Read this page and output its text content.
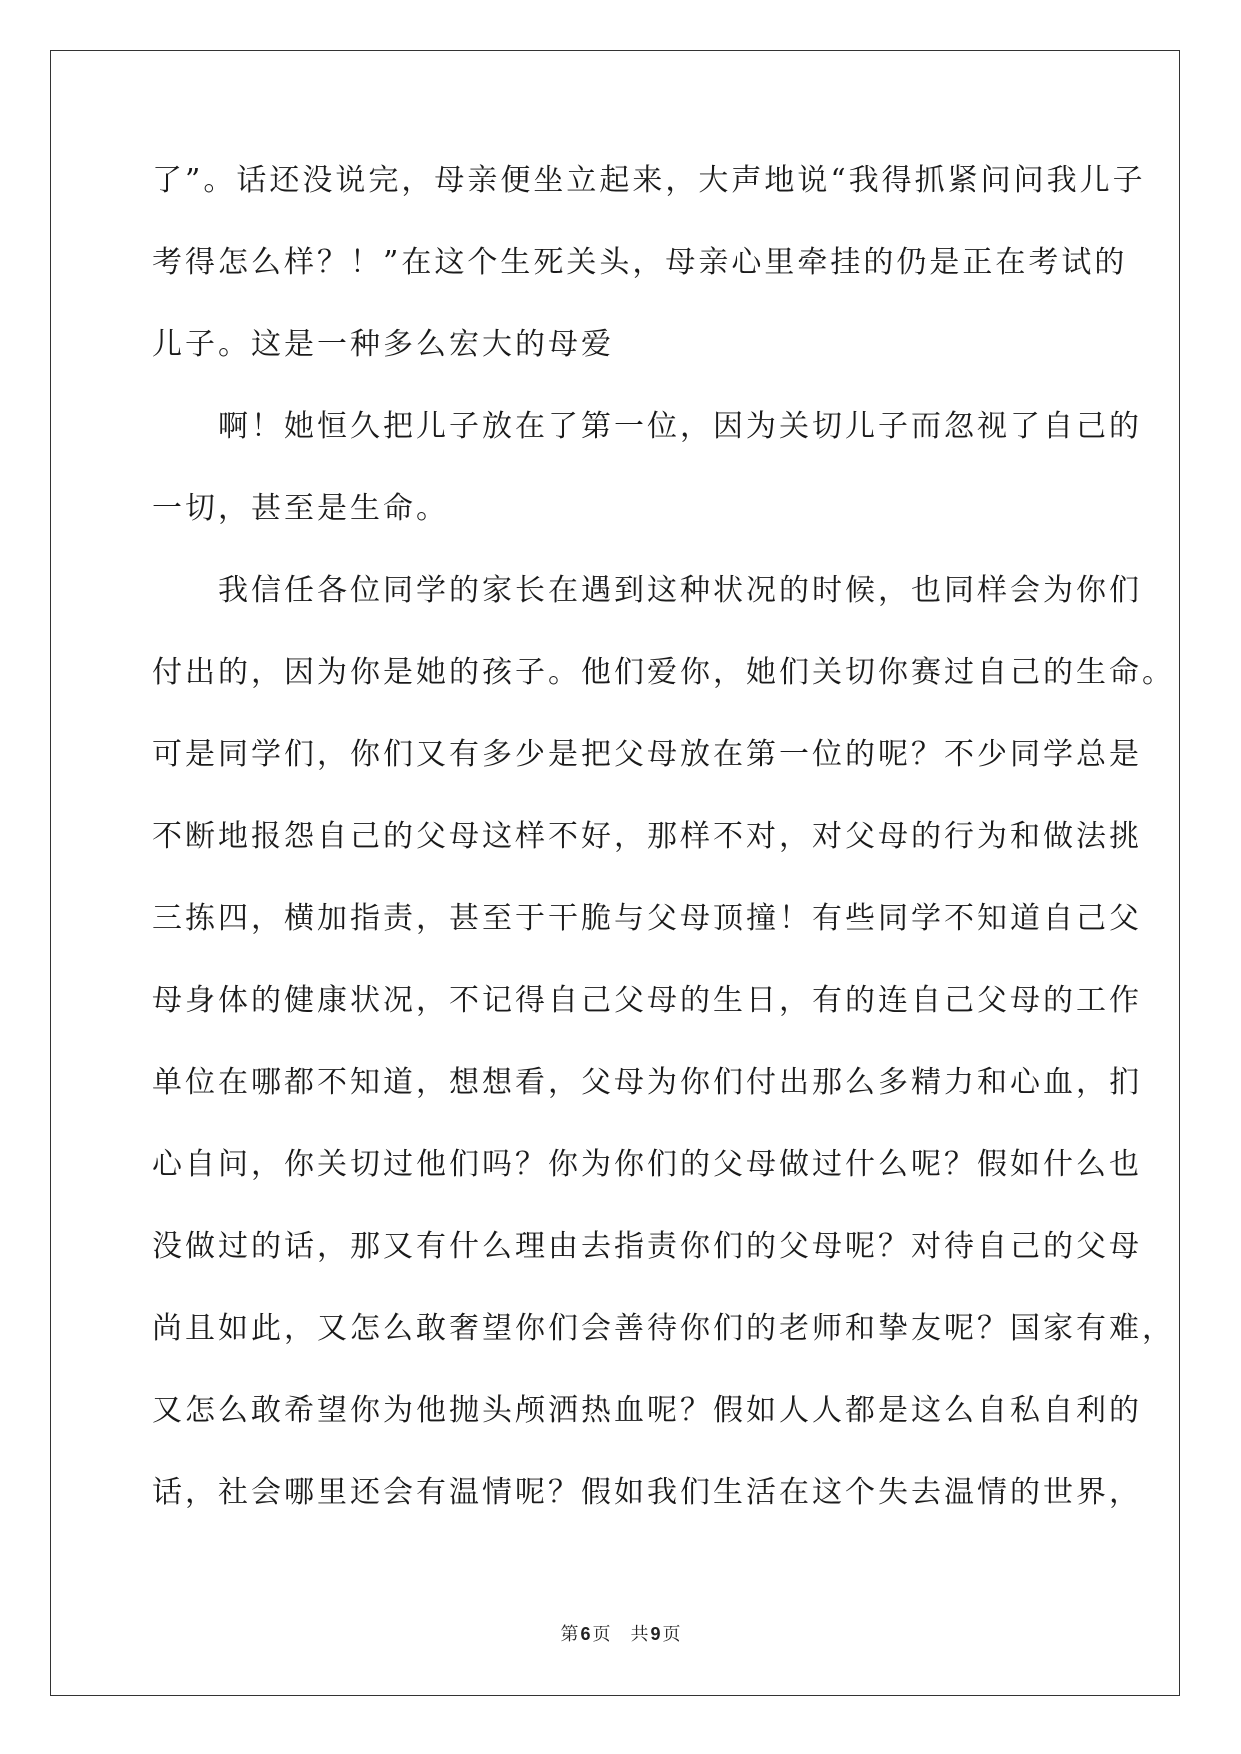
了”。话还没说完，母亲便坐立起来，大声地说“我得抓紧问问我儿子
考得怎么样？！”在这个生死关头，母亲心里牵挂的仍是正在考试的
儿子。这是一种多么宏大的母爱
　　啊！她恒久把儿子放在了第一位，因为关切儿子而忽视了自己的
一切，甚至是生命。
　　我信任各位同学的家长在遇到这种状况的时候，也同样会为你们
付出的，因为你是她的孩子。他们爱你，她们关切你赛过自己的生命。
可是同学们，你们又有多少是把父母放在第一位的呢？不少同学总是
不断地报怨自己的父母这样不好，那样不对，对父母的行为和做法挑
三拣四，横加指责，甚至于干脆与父母顶撞！有些同学不知道自己父
母身体的健康状况，不记得自己父母的生日，有的连自己父母的工作
单位在哪都不知道，想想看，父母为你们付出那么多精力和心血，扪
心自问，你关切过他们吗？你为你们的父母做过什么呢？假如什么也
没做过的话，那又有什么理由去指责你们的父母呢？对待自己的父母
尚且如此，又怎么敢奢望你们会善待你们的老师和挚友呢？国家有难，
又怎么敢希望你为他抛头颅洒热血呢？假如人人都是这么自私自利的
话，社会哪里还会有温情呢？假如我们生活在这个失去温情的世界，
第 6 页 共 9 页
